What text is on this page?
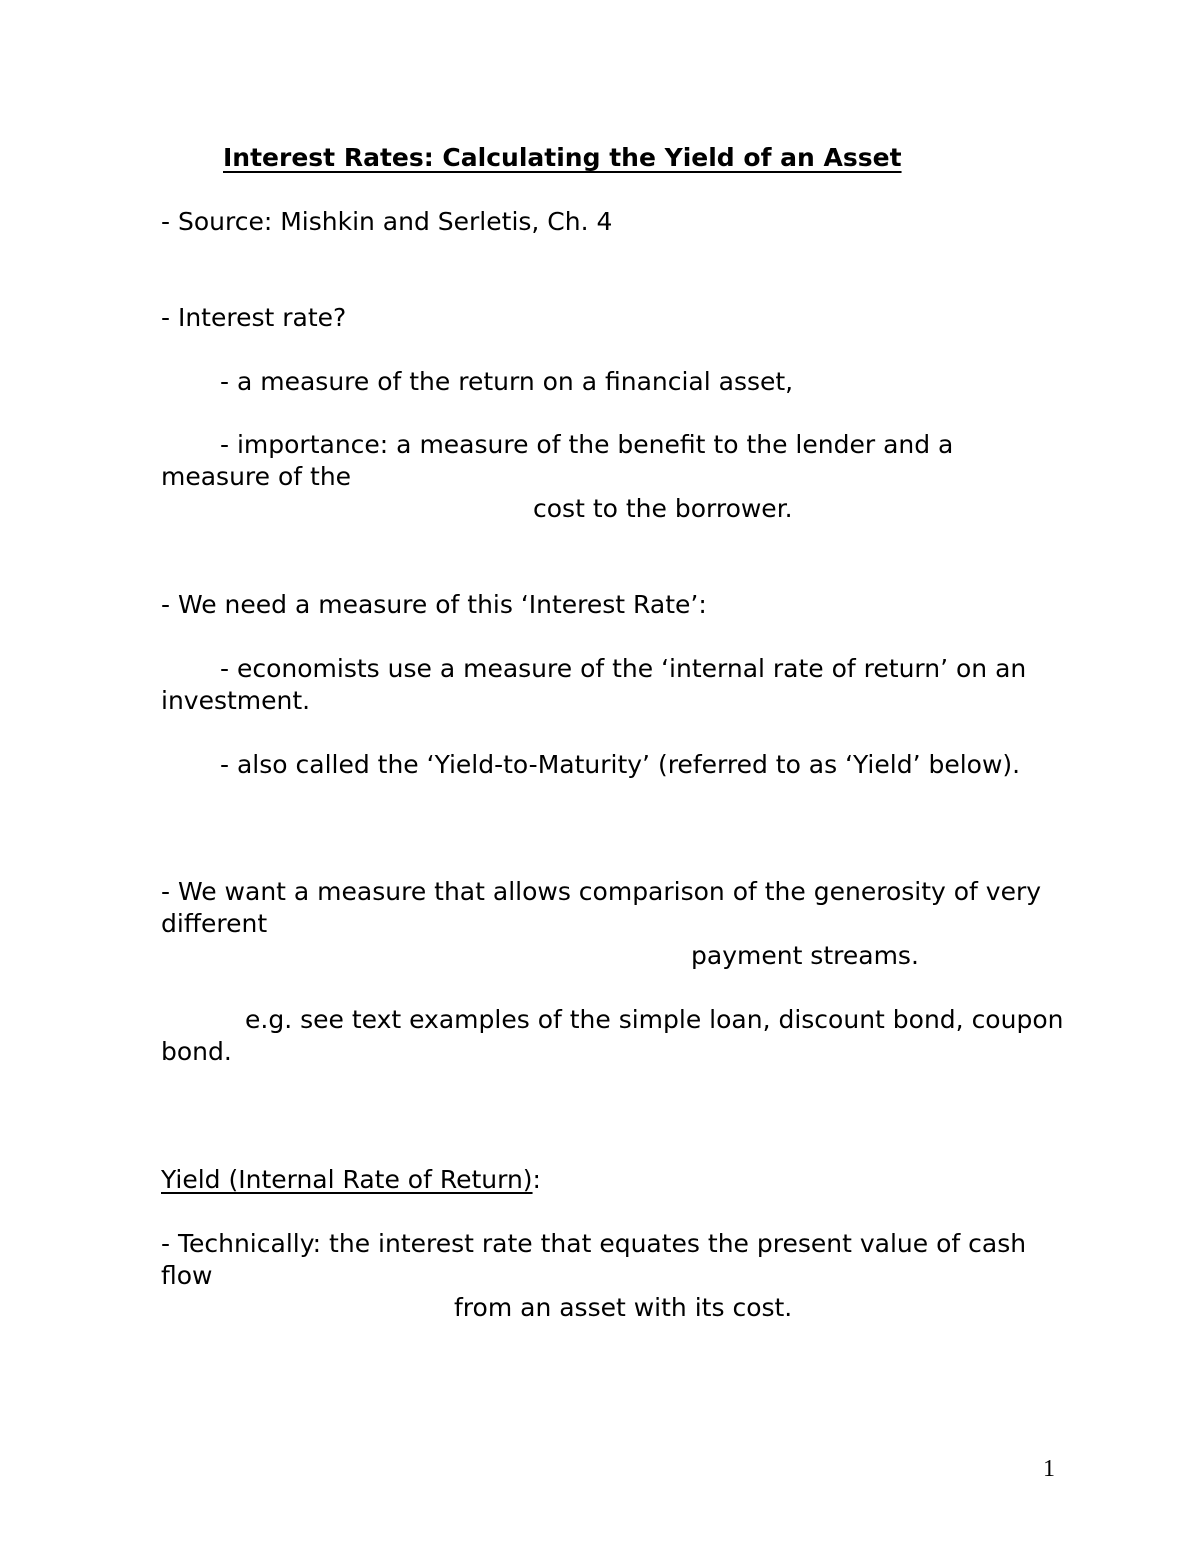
Interest Rates: Calculating the Yield of an Asset
- Source: Mishkin and Serletis, Ch. 4
- Interest rate?
- a measure of the return on a financial asset,
- importance: a measure of the benefit to the lender and a
measure of the
cost to the borrower.
- We need a measure of this ‘Interest Rate’:
- economists use a measure of the ‘internal rate of return’ on an
investment.
- also called the ‘Yield-to-Maturity’ (referred to as ‘Yield’ below).
- We want a measure that allows comparison of the generosity of very
different
payment streams.
e.g. see text examples of the simple loan, discount bond, coupon
bond.
Yield (Internal Rate of Return):
- Technically: the interest rate that equates the present value of cash
flow
from an asset with its cost.
1
